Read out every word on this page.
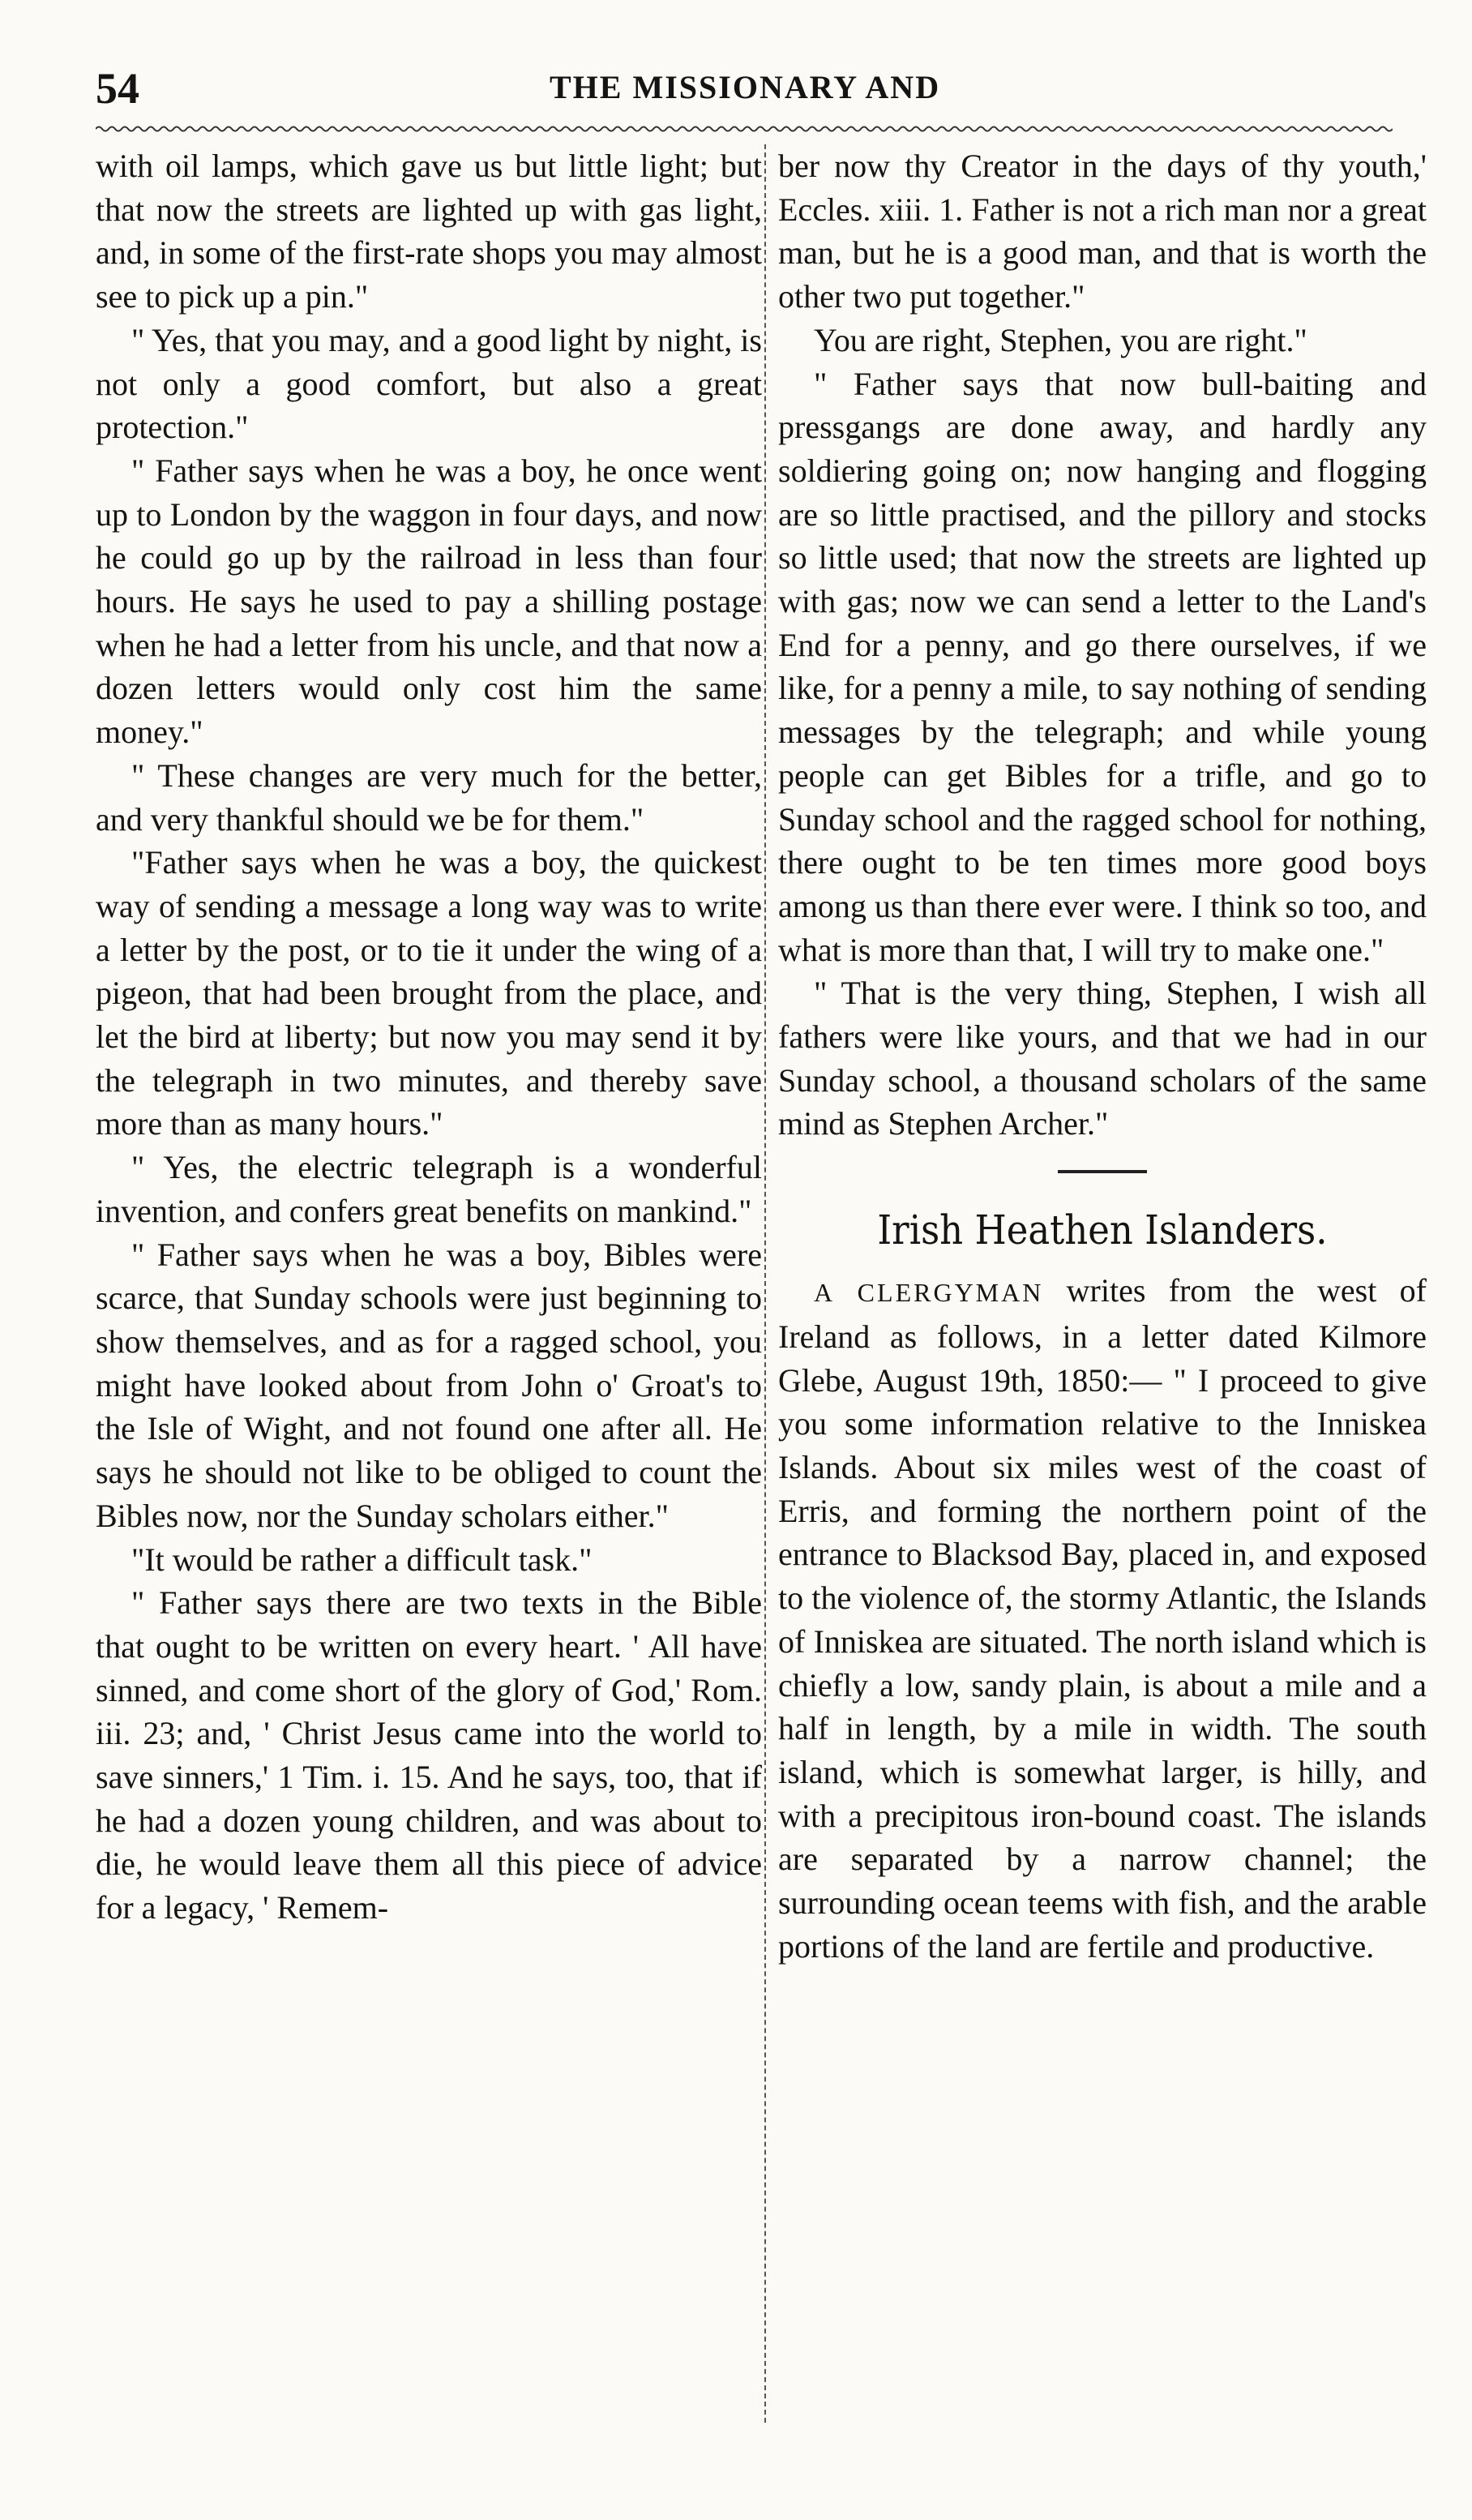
54	THE MISSIONARY AND

with oil lamps, which gave us but little light; but that now the streets are lighted up with gas light, and, in some of the first-rate shops you may almost see to pick up a pin."

" Yes, that you may, and a good light by night, is not only a good comfort, but also a great protection."

" Father says when he was a boy, he once went up to London by the waggon in four days, and now he could go up by the railroad in less than four hours. He says he used to pay a shilling postage when he had a letter from his uncle, and that now a dozen letters would only cost him the same money."

" These changes are very much for the better, and very thankful should we be for them."

"Father says when he was a boy, the quickest way of sending a message a long way was to write a letter by the post, or to tie it under the wing of a pigeon, that had been brought from the place, and let the bird at liberty; but now you may send it by the telegraph in two minutes, and thereby save more than as many hours."

" Yes, the electric telegraph is a wonderful invention, and confers great benefits on mankind."

" Father says when he was a boy, Bibles were scarce, that Sunday schools were just beginning to show themselves, and as for a ragged school, you might have looked about from John o' Groat's to the Isle of Wight, and not found one after all. He says he should not like to be obliged to count the Bibles now, nor the Sunday scholars either."

"It would be rather a difficult task."

" Father says there are two texts in the Bible that ought to be written on every heart. ' All have sinned, and come short of the glory of God,' Rom. iii. 23; and, ' Christ Jesus came into the world to save sinners,' 1 Tim. i. 15. And he says, too, that if he had a dozen young children, and was about to die, he would leave them all this piece of advice for a legacy, ' Remem-

ber now thy Creator in the days of thy youth,' Eccles. xiii. 1. Father is not a rich man nor a great man, but he is a good man, and that is worth the other two put together."

You are right, Stephen, you are right."

" Father says that now bull-baiting and pressgangs are done away, and hardly any soldiering going on; now hanging and flogging are so little practised, and the pillory and stocks so little used; that now the streets are lighted up with gas; now we can send a letter to the Land's End for a penny, and go there ourselves, if we like, for a penny a mile, to say nothing of sending messages by the telegraph; and while young people can get Bibles for a trifle, and go to Sunday school and the ragged school for nothing, there ought to be ten times more good boys among us than there ever were. I think so too, and what is more than that, I will try to make one."

" That is the very thing, Stephen, I wish all fathers were like yours, and that we had in our Sunday school, a thousand scholars of the same mind as Stephen Archer."

Irish Heathen Islanders.

A CLERGYMAN writes from the west of Ireland as follows, in a letter dated Kilmore Glebe, August 19th, 1850:— " I proceed to give you some information relative to the Inniskea Islands. About six miles west of the coast of Erris, and forming the northern point of the entrance to Blacksod Bay, placed in, and exposed to the violence of, the stormy Atlantic, the Islands of Inniskea are situated. The north island which is chiefly a low, sandy plain, is about a mile and a half in length, by a mile in width. The south island, which is somewhat larger, is hilly, and with a precipitous iron-bound coast. The islands are separated by a narrow channel; the surrounding ocean teems with fish, and the arable portions of the land are fertile and productive.
